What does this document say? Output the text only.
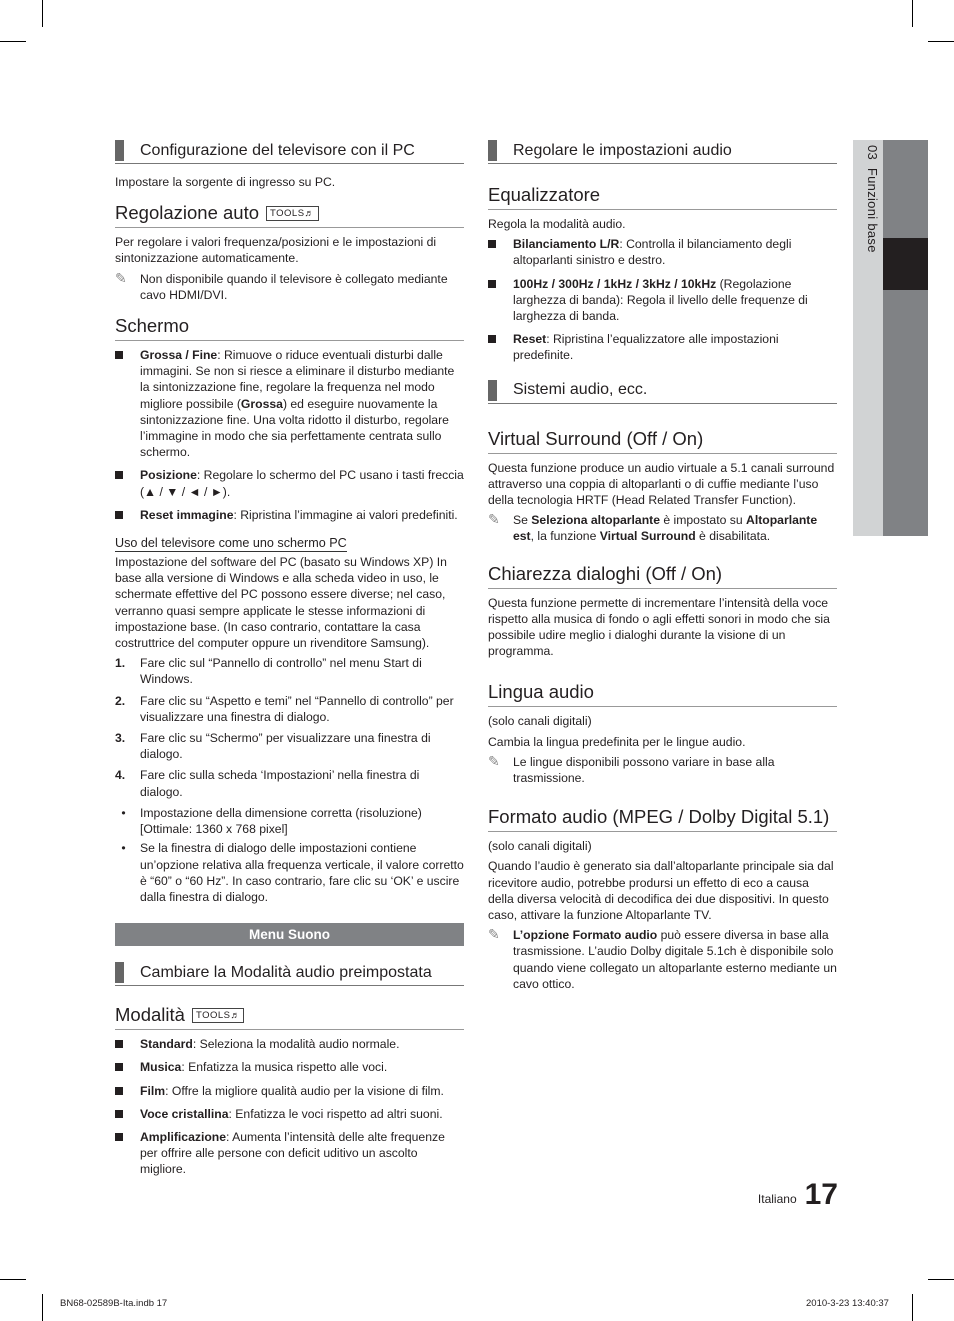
03  Funzioni base
Configurazione del televisore con il PC

Impostare la sorgente di ingresso su PC.

Regolazione auto TOOLS ♬

Per regolare i valori frequenza/posizioni e le impostazioni di sintonizzazione automaticamente.

✎	Non disponibile quando il televisore è collegato mediante cavo HDMI/DVI.
Schermo
Grossa / Fine: Rimuove o riduce eventuali disturbi dalle immagini. Se non si riesce a eliminare il disturbo mediante la sintonizzazione fine, regolare la frequenza nel modo migliore possibile (Grossa) ed eseguire nuovamente la sintonizzazione fine. Una volta ridotto il disturbo, regolare l’immagine in modo che sia perfettamente centrata sullo schermo.
Posizione: Regolare lo schermo del PC usano i tasti freccia (▲ / ▼ / ◄ / ►).
Reset immagine: Ripristina l’immagine ai valori predefiniti.
Uso del televisore come uno schermo PC

Impostazione del software del PC (basato su Windows XP) In base alla versione di Windows e alla scheda video in uso, le schermate effettive del PC possono essere diverse; nel caso, verranno quasi sempre applicate le stesse informazioni di impostazione base. (In caso contrario, contattare la casa costruttrice del computer oppure un rivenditore Samsung).

1.	Fare clic sul “Pannello di controllo” nel menu Start di Windows.
2.	Fare clic su “Aspetto e temi” nel “Pannello di controllo” per visualizzare una finestra di dialogo.
3.	Fare clic su “Schermo” per visualizzare una finestra di dialogo.
4.	Fare clic sulla scheda ‘Impostazioni’ nella finestra di dialogo.
•	Impostazione della dimensione corretta (risoluzione) [Ottimale: 1360 x 768 pixel]
•	Se la finestra di dialogo delle impostazioni contiene un’opzione relativa alla frequenza verticale, il valore corretto è “60” o “60 Hz”. In caso contrario, fare clic su ‘OK’ e uscire dalla finestra di dialogo.
Menu Suono
Cambiare la Modalità audio preimpostata
Modalità TOOLS ♬
Standard: Seleziona la modalità audio normale.
Musica: Enfatizza la musica rispetto alle voci.
Film: Offre la migliore qualità audio per la visione di film.
Voce cristallina: Enfatizza le voci rispetto ad altri suoni.
Amplificazione: Aumenta l’intensità delle alte frequenze per offrire alle persone con deficit uditivo un ascolto migliore.
Regolare le impostazioni audio
Equalizzatore

Regola la modalità audio.

Bilanciamento L/R: Controlla il bilanciamento degli altoparlanti sinistro e destro.
100Hz / 300Hz / 1kHz / 3kHz / 10kHz (Regolazione larghezza di banda): Regola il livello delle frequenze di larghezza di banda.
Reset: Ripristina l’equalizzatore alle impostazioni predefinite.
Sistemi audio, ecc.
Virtual Surround (Off / On)

Questa funzione produce un audio virtuale a 5.1 canali surround attraverso una coppia di altoparlanti o di cuffie mediante l’uso della tecnologia HRTF (Head Related Transfer Function).

✎	Se Seleziona altoparlante è impostato su Altoparlante est, la funzione Virtual Surround è disabilitata.
Chiarezza dialoghi (Off / On)

Questa funzione permette di incrementare l’intensità della voce rispetto alla musica di fondo o agli effetti sonori in modo che sia possibile udire meglio i dialoghi durante la visione di un programma.

Lingua audio

(solo canali digitali)

Cambia la lingua predefinita per le lingue audio.

✎	Le lingue disponibili possono variare in base alla trasmissione.
Formato audio (MPEG / Dolby Digital 5.1)

(solo canali digitali)

Quando l’audio è generato sia dall’altoparlante principale sia dal ricevitore audio, potrebbe prodursi un effetto di eco a causa della diversa velocità di decodifica dei due dispositivi. In questo caso, attivare la funzione Altoparlante TV.

✎	L’opzione Formato audio può essere diversa in base alla trasmissione. L’audio Dolby digitale 5.1ch è disponibile solo quando viene collegato un altoparlante esterno mediante un cavo ottico.
Italiano 17
BN68-02589B-Ita.indb 17	2010-3-23 13:40:37
